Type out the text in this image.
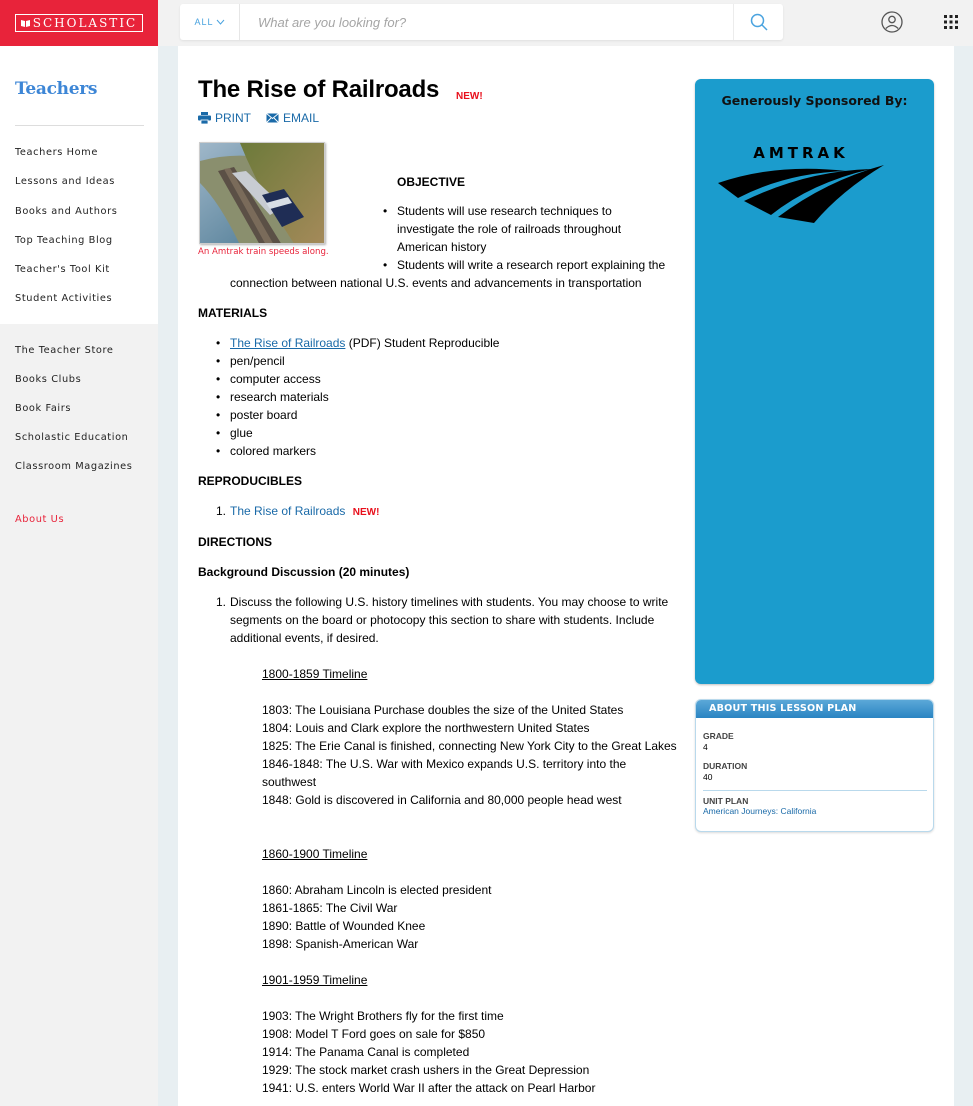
SCHOLASTIC	ALL
What are you looking for?
Teachers
Teachers Home
Lessons and Ideas
Books and Authors
Top Teaching Blog
Teacher's Tool Kit
Student Activities
The Teacher Store
Books Clubs
Book Fairs
Scholastic Education
Classroom Magazines
About Us
The Rise of Railroads NEW!
PRINT	EMAIL
An Amtrak train speeds along.
OBJECTIVE
• Students will use research techniques to investigate the role of railroads throughout American history
• Students will write a research report explaining the
connection between national U.S. events and advancements in transportation
MATERIALS
• The Rise of Railroads (PDF) Student Reproducible
• pen/pencil
• computer access
• research materials
• poster board
• glue
• colored markers
REPRODUCIBLES
1. The Rise of Railroads NEW!
DIRECTIONS
Background Discussion (20 minutes)
1. Discuss the following U.S. history timelines with students. You may choose to write segments on the board or photocopy this section to share with students. Include additional events, if desired.
1800-1859 Timeline
1803: The Louisiana Purchase doubles the size of the United States
1804: Louis and Clark explore the northwestern United States
1825: The Erie Canal is finished, connecting New York City to the Great Lakes
1846-1848: The U.S. War with Mexico expands U.S. territory into the southwest
1848: Gold is discovered in California and 80,000 people head west
1860-1900 Timeline
1860: Abraham Lincoln is elected president
1861-1865: The Civil War
1890: Battle of Wounded Knee
1898: Spanish-American War
1901-1959 Timeline
1903: The Wright Brothers fly for the first time
1908: Model T Ford goes on sale for $850
1914: The Panama Canal is completed
1929: The stock market crash ushers in the Great Depression
1941: U.S. enters World War II after the attack on Pearl Harbor
Generously Sponsored By:
AMTRAK
ABOUT THIS LESSON PLAN
GRADE
4
DURATION
40
UNIT PLAN
American Journeys: California
